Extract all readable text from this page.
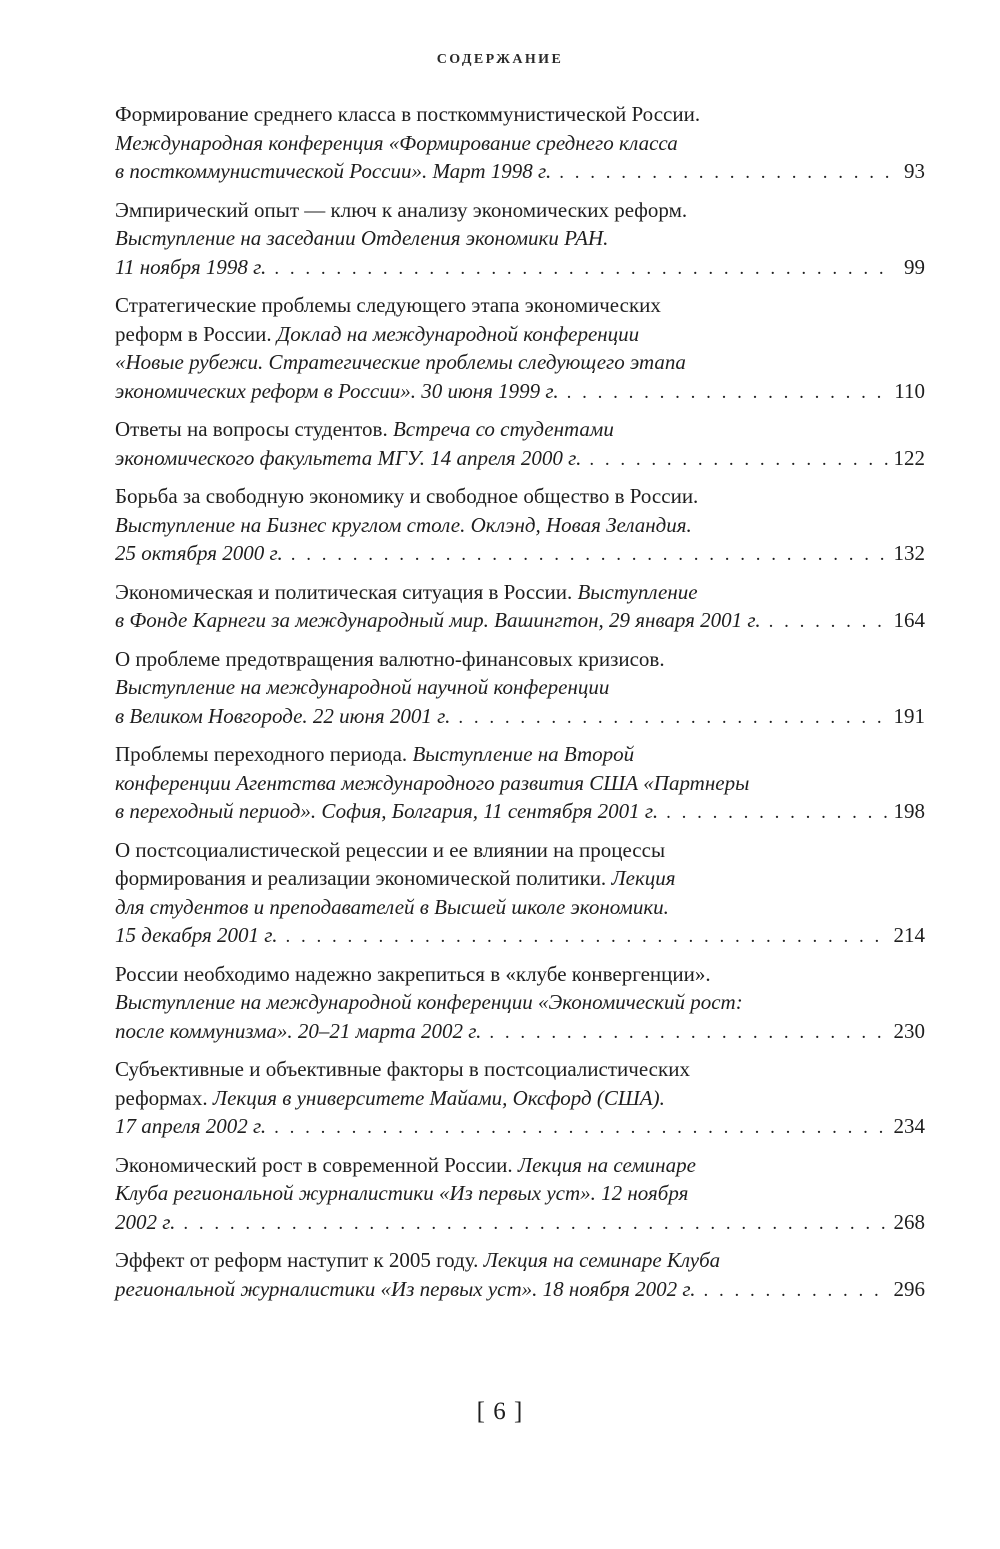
СОДЕРЖАНИЕ
Формирование среднего класса в посткоммунистической России.
Международная конференция «Формирование среднего класса
в посткоммунистической России». Март 1998 г. . . .	93
Эмпирический опыт — ключ к анализу экономических реформ.
Выступление на заседании Отделения экономики РАН.
11 ноября 1998 г. . . .	99
Стратегические проблемы следующего этапа экономических
реформ в России. Доклад на международной конференции
«Новые рубежи. Стратегические проблемы следующего этапа
экономических реформ в России». 30 июня 1999 г. . . .	110
Ответы на вопросы студентов. Встреча со студентами
экономического факультета МГУ. 14 апреля 2000 г. . . .	122
Борьба за свободную экономику и свободное общество в России.
Выступление на Бизнес круглом столе. Оклэнд, Новая Зеландия.
25 октября 2000 г. . . .	132
Экономическая и политическая ситуация в России. Выступление
в Фонде Карнеги за международный мир. Вашингтон, 29 января 2001 г. . . .	164
О проблеме предотвращения валютно-финансовых кризисов.
Выступление на международной научной конференции
в Великом Новгороде. 22 июня 2001 г. . . .	191
Проблемы переходного периода. Выступление на Второй
конференции Агентства международного развития США «Партнеры
в переходный период». София, Болгария, 11 сентября 2001 г. . . .	198
О постсоциалистической рецессии и ее влиянии на процессы
формирования и реализации экономической политики. Лекция
для студентов и преподавателей в Высшей школе экономики.
15 декабря 2001 г. . . .	214
России необходимо надежно закрепиться в «клубе конвергенции».
Выступление на международной конференции «Экономический рост:
после коммунизма». 20–21 марта 2002 г. . . .	230
Субъективные и объективные факторы в постсоциалистических
реформах. Лекция в университете Майами, Оксфорд (США).
17 апреля 2002 г. . . .	234
Экономический рост в современной России. Лекция на семинаре
Клуба региональной журналистики «Из первых уст». 12 ноября
2002 г. . . .	268
Эффект от реформ наступит к 2005 году. Лекция на семинаре Клуба
региональной журналистики «Из первых уст». 18 ноября 2002 г. . . .	296
[ 6 ]
